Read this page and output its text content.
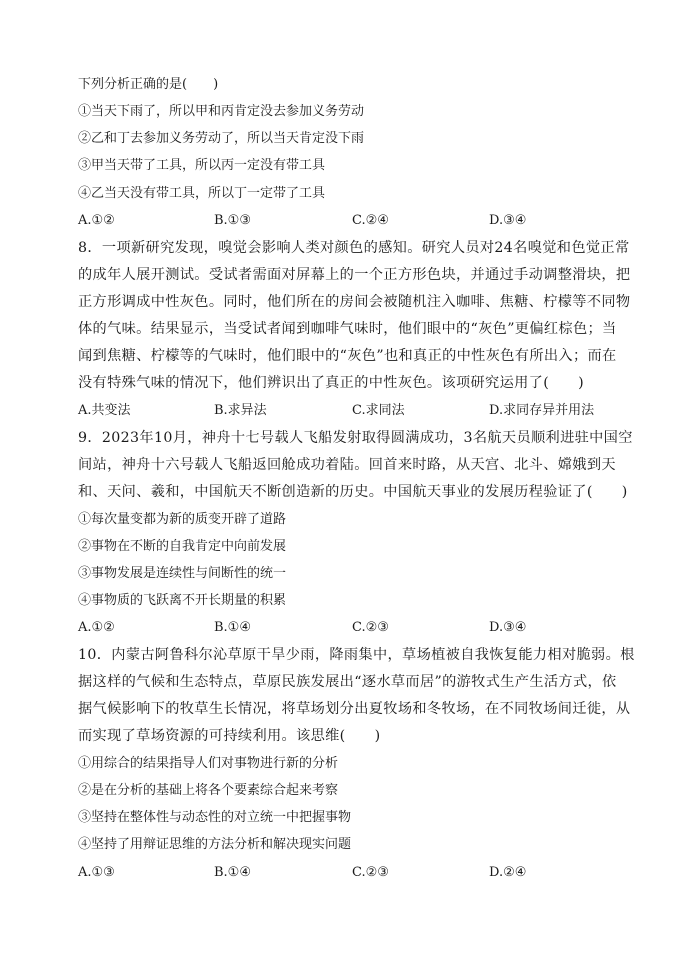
下列分析正确的是(　　)
①当天下雨了，所以甲和丙肯定没去参加义务劳动
②乙和丁去参加义务劳动了，所以当天肯定没下雨
③甲当天带了工具，所以丙一定没有带工具
④乙当天没有带工具，所以丁一定带了工具
A.①②	B.①③	C.②④	D.③④
8．一项新研究发现，嗅觉会影响人类对颜色的感知。研究人员对24名嗅觉和色觉正常
的成年人展开测试。受试者需面对屏幕上的一个正方形色块，并通过手动调整滑块，把
正方形调成中性灰色。同时，他们所在的房间会被随机注入咖啡、焦糖、柠檬等不同物
体的气味。结果显示，当受试者闻到咖啡气味时，他们眼中的“灰色”更偏红棕色；当
闻到焦糖、柠檬等的气味时，他们眼中的“灰色”也和真正的中性灰色有所出入；而在
没有特殊气味的情况下，他们辨识出了真正的中性灰色。该项研究运用了(　　)
A.共变法	B.求异法	C.求同法	D.求同存异并用法
9．2023年10月，神舟十七号载人飞船发射取得圆满成功，3名航天员顺利进驻中国空
间站，神舟十六号载人飞船返回舱成功着陆。回首来时路，从天宫、北斗、嫦娥到天
和、天问、羲和，中国航天不断创造新的历史。中国航天事业的发展历程验证了(　　)
①每次量变都为新的质变开辟了道路
②事物在不断的自我肯定中向前发展
③事物发展是连续性与间断性的统一
④事物质的飞跃离不开长期量的积累
A.①②	B.①④	C.②③	D.③④
10．内蒙古阿鲁科尔沁草原干旱少雨，降雨集中，草场植被自我恢复能力相对脆弱。根
据这样的气候和生态特点，草原民族发展出“逐水草而居”的游牧式生产生活方式，依
据气候影响下的牧草生长情况，将草场划分出夏牧场和冬牧场，在不同牧场间迁徙，从
而实现了草场资源的可持续利用。该思维(　　)
①用综合的结果指导人们对事物进行新的分析
②是在分析的基础上将各个要素综合起来考察
③坚持在整体性与动态性的对立统一中把握事物
④坚持了用辩证思维的方法分析和解决现实问题
A.①③	B.①④	C.②③	D.②④
